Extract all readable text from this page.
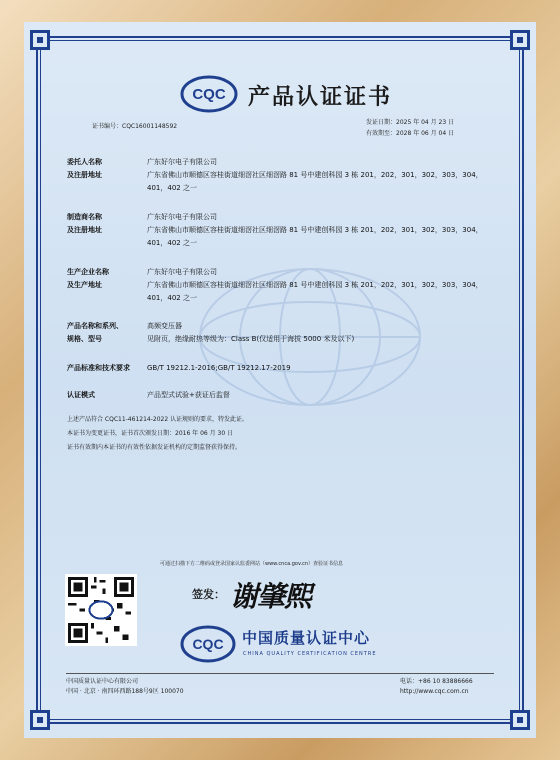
CQC 产品认证证书
证书编号：CQC16001148592
发证日期：2025 年 04 月 23 日
有效期至：2028 年 06 月 04 日
委托人名称	广东好尔电子有限公司
及注册地址	广东省佛山市顺德区容桂街道细滘社区细滘路 81 号中建创科园 3 栋 201，202，301，302，303，304，401，402 之一
制造商名称	广东好尔电子有限公司
及注册地址	广东省佛山市顺德区容桂街道细滘社区细滘路 81 号中建创科园 3 栋 201，202，301，302，303，304，401，402 之一
生产企业名称	广东好尔电子有限公司
及生产地址	广东省佛山市顺德区容桂街道细滘社区细滘路 81 号中建创科园 3 栋 201，202，301，302，303，304，401，402 之一
产品名称和系列、	高频变压器
规格、型号	见附页，绝缘耐热等级为：Class B(仅适用于海拔 5000 米及以下)
产品标准和技术要求	GB/T 19212.1-2016;GB/T 19212.17-2019
认证模式	产品型式试验+获证后监督
上述产品符合 CQC11-461214-2022 认证规则的要求，特发此证。
本证书为变更证书，证书首次颁发日期：2016 年 06 月 30 日
证书有效期内本证书的有效性依据发证机构的定期监督获得保持。
可通过扫描下方二维码或登录国家认监委网站（www.cnca.gov.cn）查验证书信息
签发： 谢肇熙
CQC 中国质量认证中心
CHINA QUALITY CERTIFICATION CENTRE
中国质量认证中心有限公司
中国 · 北京 · 南四环西路188号9区 100070
电话：+86 10 83886666
http://www.cqc.com.cn
